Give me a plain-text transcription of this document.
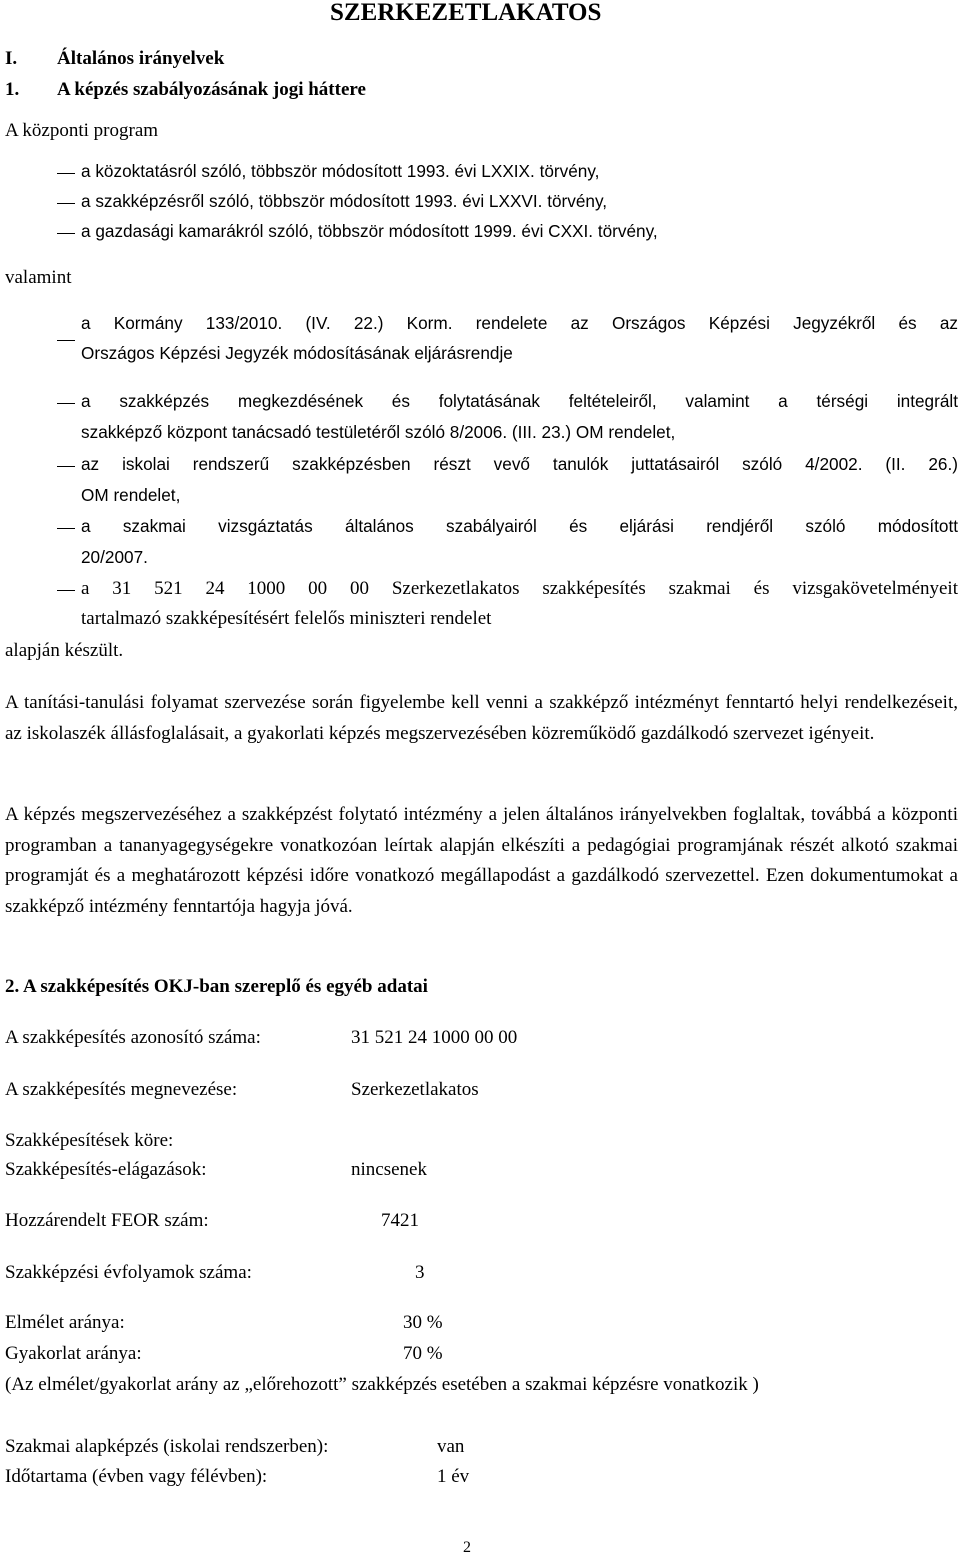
SZERKEZETLAKATOS
I. Általános irányelvek
1. A képzés szabályozásának jogi háttere
A központi program
a közoktatásról szóló, többször módosított 1993. évi LXXIX. törvény,
a szakképzésről szóló, többször módosított 1993. évi LXXVI. törvény,
a gazdasági kamarákról szóló, többször módosított 1999. évi CXXI. törvény,
valamint
a Kormány 133/2010. (IV. 22.) Korm. rendelete az Országos Képzési Jegyzékről és az
Országos Képzési Jegyzék módosításának eljárásrendje
a szakképzés megkezdésének és folytatásának feltételeiről, valamint a térségi integrált
szakképző központ tanácsadó testületéről szóló 8/2006. (III. 23.) OM rendelet,
az iskolai rendszerű szakképzésben részt vevő tanulók juttatásairól szóló 4/2002. (II. 26.)
OM rendelet,
a szakmai vizsgáztatás általános szabályairól és eljárási rendjéről szóló módosított
20/2007.
a 31 521 24 1000 00 00 Szerkezetlakatos szakképesítés szakmai és vizsgakövetelményeit
tartalmazó szakképesítésért felelős miniszteri rendelet
alapján készült.
A tanítási-tanulási folyamat szervezése során figyelembe kell venni a szakképző intézményt fenntartó helyi rendelkezéseit, az iskolaszék állásfoglalásait, a gyakorlati képzés megszervezésében közreműködő gazdálkodó szervezet igényeit.
A képzés megszervezéséhez a szakképzést folytató intézmény a jelen általános irányelvekben foglaltak, továbbá a központi programban a tananyagegységekre vonatkozóan leírtak alapján elkészíti a pedagógiai programjának részét alkotó szakmai programját és a meghatározott képzési időre vonatkozó megállapodást a gazdálkodó szervezettel. Ezen dokumentumokat a szakképző intézmény fenntartója hagyja jóvá.
2. A szakképesítés OKJ-ban szereplő és egyéb adatai
A szakképesítés azonosító száma:	31 521 24 1000 00 00
A szakképesítés megnevezése:	Szerkezetlakatos
Szakképesítések köre:
Szakképesítés-elágazások:	nincsenek
Hozzárendelt FEOR szám:	7421
Szakképzési évfolyamok száma:	3
Elmélet aránya:	30 %
Gyakorlat aránya:	70 %
(Az elmélet/gyakorlat arány az „előrehozott” szakképzés esetében a szakmai képzésre vonatkozik )
Szakmai alapképzés (iskolai rendszerben):	van
Időtartama (évben vagy félévben):	1 év
2
